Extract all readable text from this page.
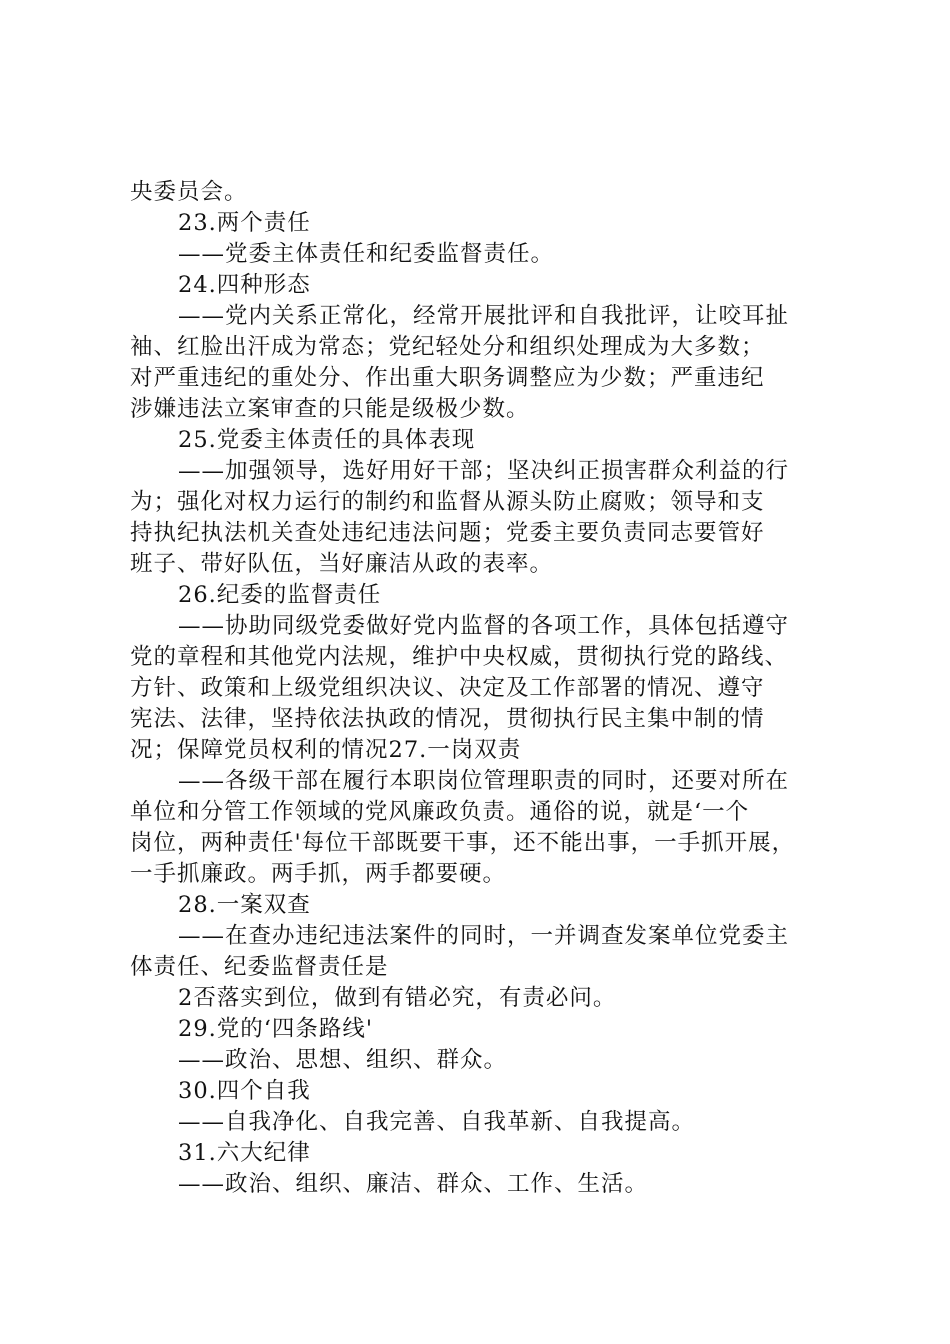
央委员会。
23.两个责任
——党委主体责任和纪委监督责任。
24.四种形态
——党内关系正常化，经常开展批评和自我批评，让咬耳扯
袖、红脸出汗成为常态；党纪轻处分和组织处理成为大多数；
对严重违纪的重处分、作出重大职务调整应为少数；严重违纪
涉嫌违法立案审查的只能是级极少数。
25.党委主体责任的具体表现
——加强领导，选好用好干部；坚决纠正损害群众利益的行
为；强化对权力运行的制约和监督从源头防止腐败；领导和支
持执纪执法机关查处违纪违法问题；党委主要负责同志要管好
班子、带好队伍，当好廉洁从政的表率。
26.纪委的监督责任
——协助同级党委做好党内监督的各项工作，具体包括遵守
党的章程和其他党内法规，维护中央权威，贯彻执行党的路线、
方针、政策和上级党组织决议、决定及工作部署的情况、遵守
宪法、法律，坚持依法执政的情况，贯彻执行民主集中制的情
况；保障党员权利的情况27.一岗双责
——各级干部在履行本职岗位管理职责的同时，还要对所在
单位和分管工作领域的党风廉政负责。通俗的说，就是‘一个
岗位，两种责任'每位干部既要干事，还不能出事，一手抓开展，
一手抓廉政。两手抓，两手都要硬。
28.一案双查
——在查办违纪违法案件的同时，一并调查发案单位党委主
体责任、纪委监督责任是
2否落实到位，做到有错必究，有责必问。
29.党的‘四条路线'
——政治、思想、组织、群众。
30.四个自我
——自我净化、自我完善、自我革新、自我提高。
31.六大纪律
——政治、组织、廉洁、群众、工作、生活。
